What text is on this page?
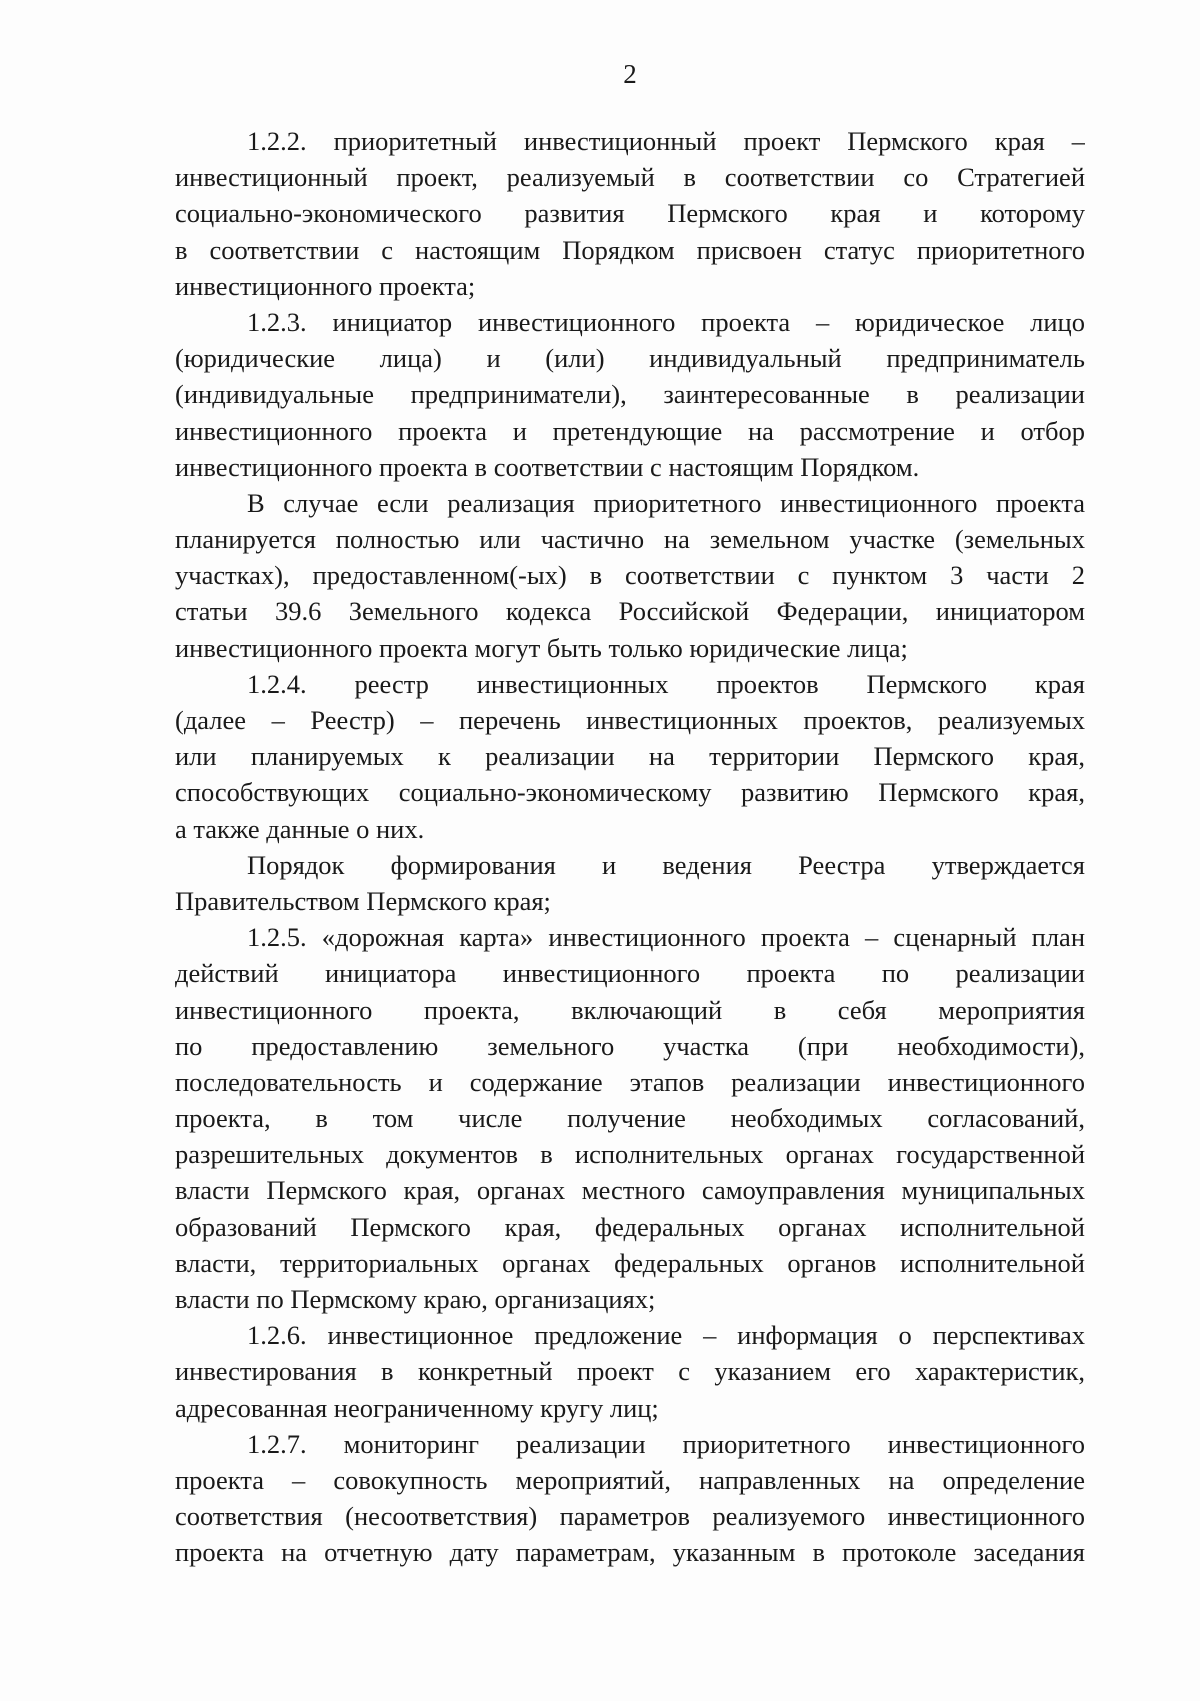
2
1.2.2. приоритетный инвестиционный проект Пермского края –
инвестиционный проект, реализуемый в соответствии со Стратегией
социально-экономического развития Пермского края и которому
в соответствии с настоящим Порядком присвоен статус приоритетного
инвестиционного проекта;
1.2.3. инициатор инвестиционного проекта – юридическое лицо
(юридические лица) и (или) индивидуальный предприниматель
(индивидуальные предприниматели), заинтересованные в реализации
инвестиционного проекта и претендующие на рассмотрение и отбор
инвестиционного проекта в соответствии с настоящим Порядком.
В случае если реализация приоритетного инвестиционного проекта
планируется полностью или частично на земельном участке (земельных
участках), предоставленном(-ых) в соответствии с пунктом 3 части 2
статьи 39.6 Земельного кодекса Российской Федерации, инициатором
инвестиционного проекта могут быть только юридические лица;
1.2.4. реестр инвестиционных проектов Пермского края
(далее – Реестр) – перечень инвестиционных проектов, реализуемых
или планируемых к реализации на территории Пермского края,
способствующих социально-экономическому развитию Пермского края,
а также данные о них.
Порядок формирования и ведения Реестра утверждается
Правительством Пермского края;
1.2.5. «дорожная карта» инвестиционного проекта – сценарный план
действий инициатора инвестиционного проекта по реализации
инвестиционного проекта, включающий в себя мероприятия
по предоставлению земельного участка (при необходимости),
последовательность и содержание этапов реализации инвестиционного
проекта, в том числе получение необходимых согласований,
разрешительных документов в исполнительных органах государственной
власти Пермского края, органах местного самоуправления муниципальных
образований Пермского края, федеральных органах исполнительной
власти, территориальных органах федеральных органов исполнительной
власти по Пермскому краю, организациях;
1.2.6. инвестиционное предложение – информация о перспективах
инвестирования в конкретный проект с указанием его характеристик,
адресованная неограниченному кругу лиц;
1.2.7. мониторинг реализации приоритетного инвестиционного
проекта – совокупность мероприятий, направленных на определение
соответствия (несоответствия) параметров реализуемого инвестиционного
проекта на отчетную дату параметрам, указанным в протоколе заседания
